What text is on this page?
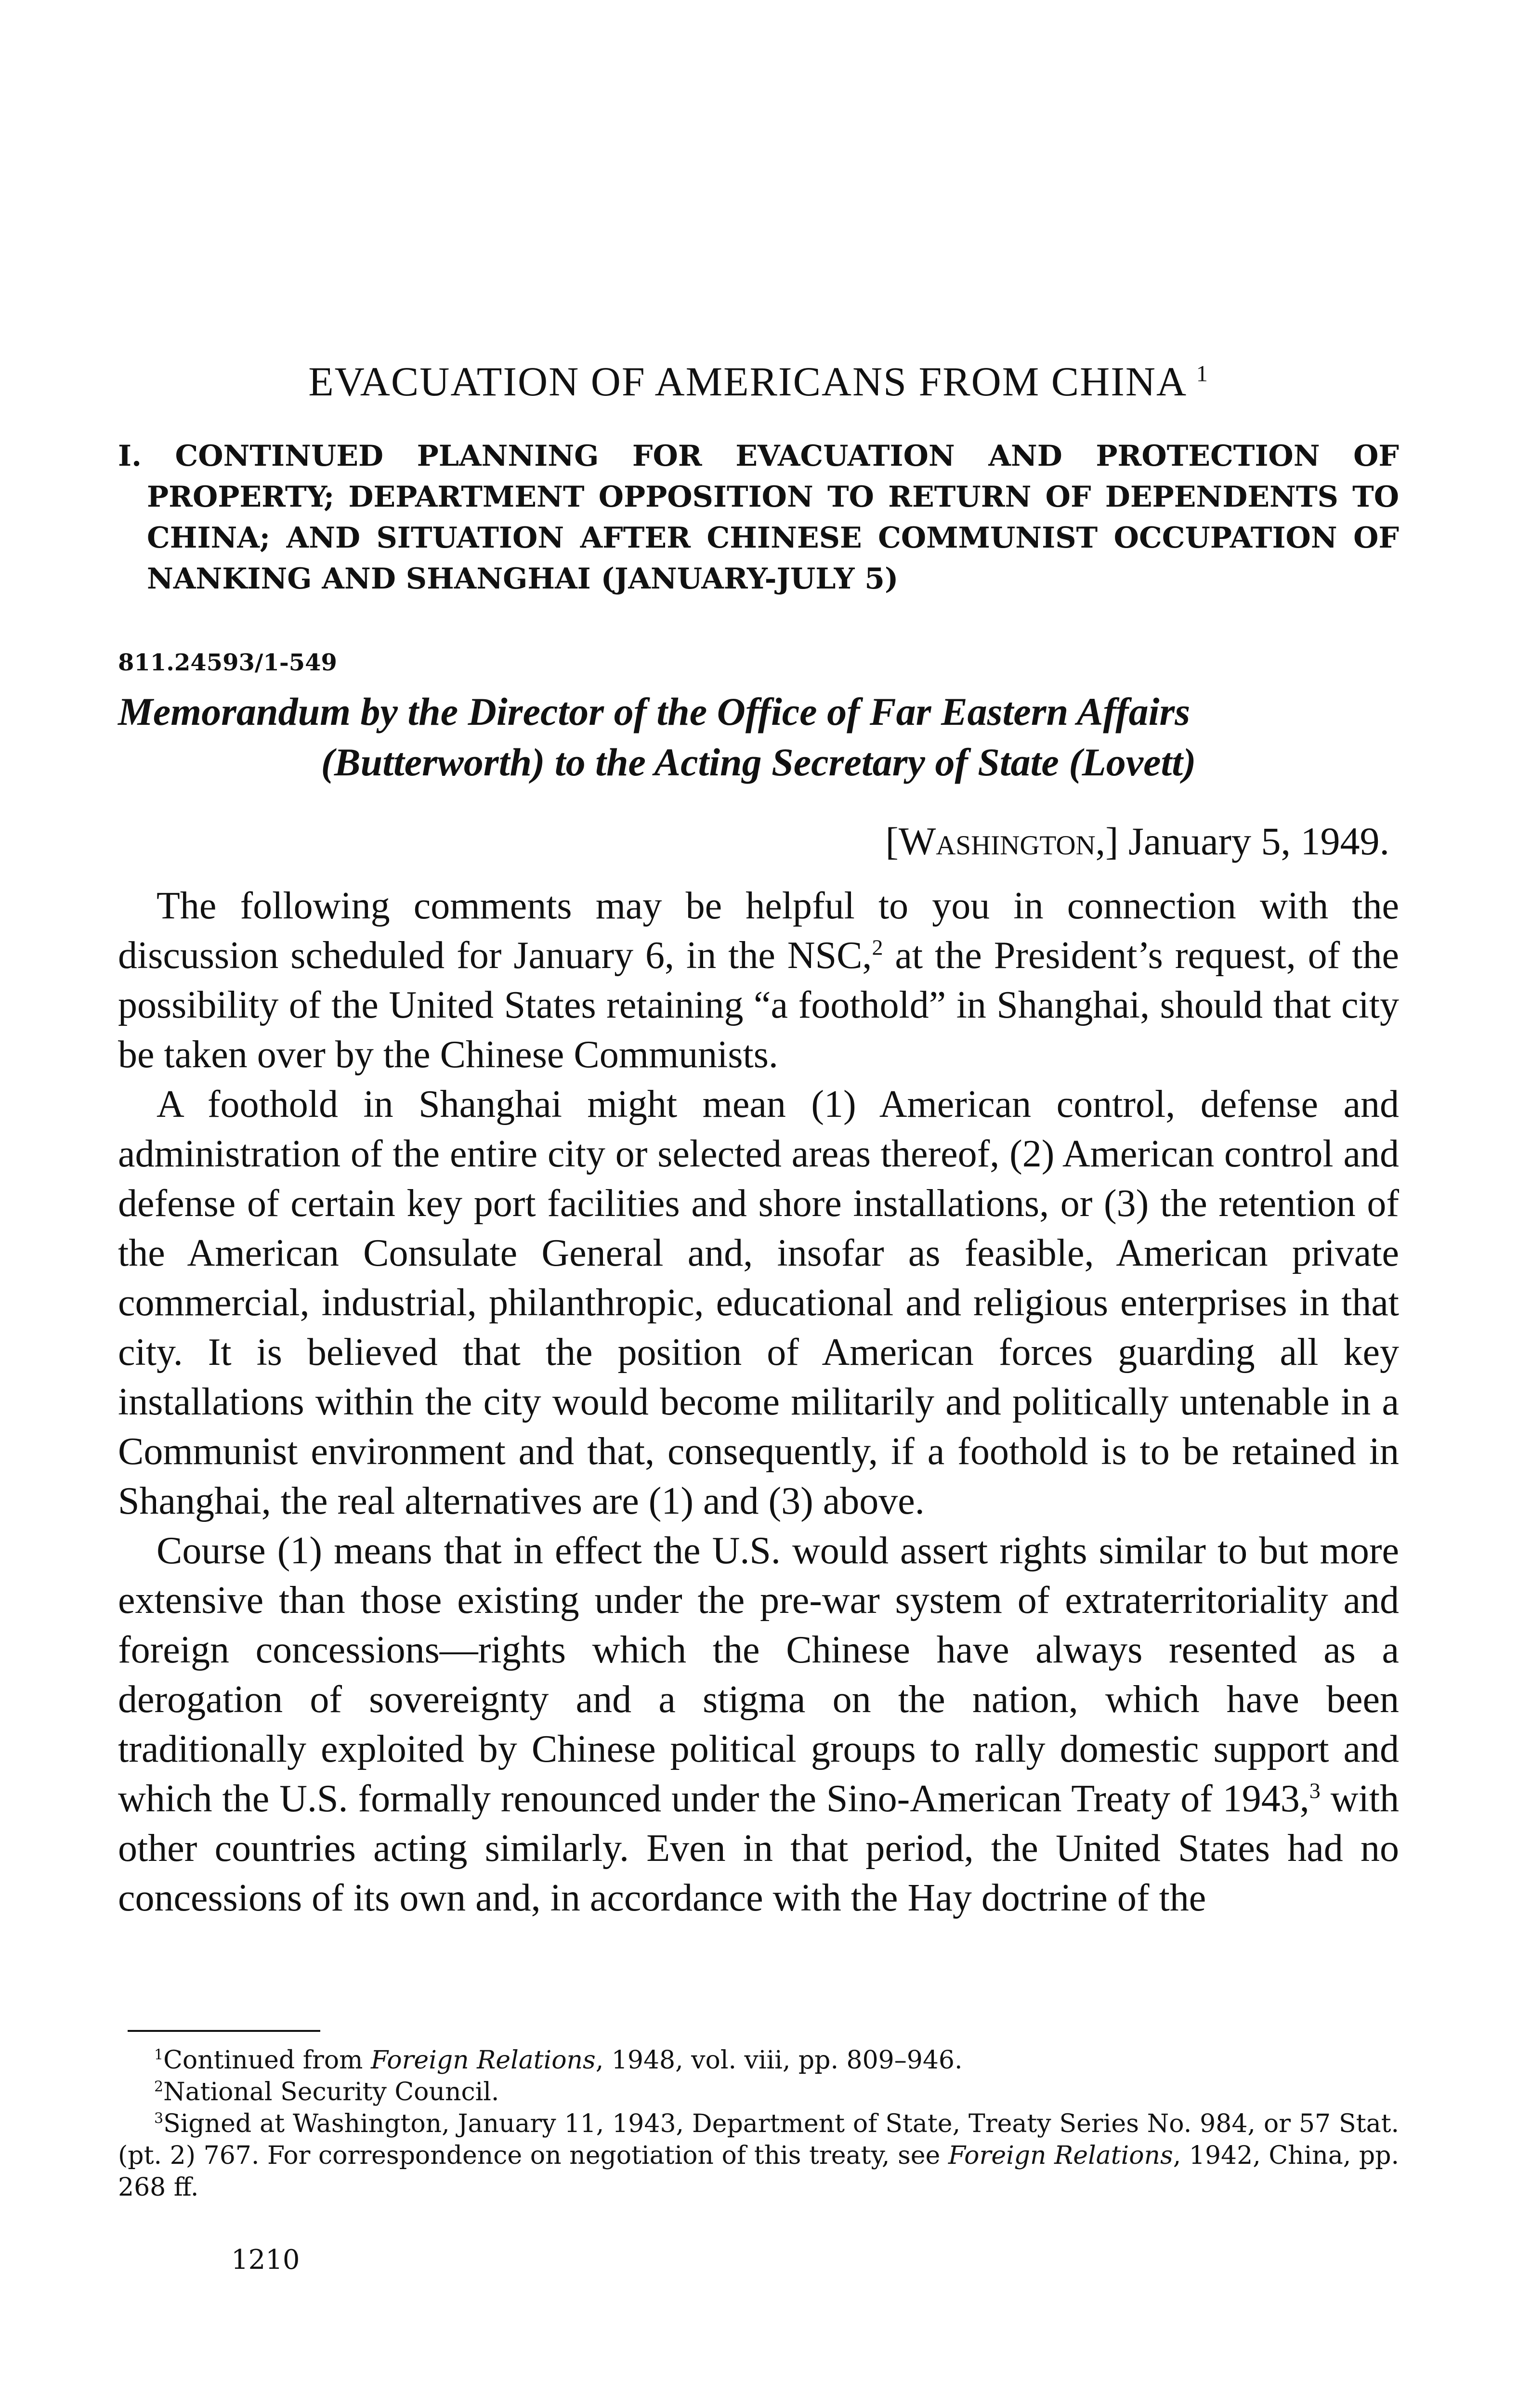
EVACUATION OF AMERICANS FROM CHINA $^1$
I. CONTINUED PLANNING FOR EVACUATION AND PROTECTION OF PROPERTY; DEPARTMENT OPPOSITION TO RETURN OF DEPENDENTS TO CHINA; AND SITUATION AFTER CHINESE COMMUNIST OCCUPATION OF NANKING AND SHANGHAI (JANUARY-JULY 5)

811.24593/1-549

Memorandum by the Director of the Office of Far Eastern Affairs
(Butterworth) to the Acting Secretary of State (Lovett)

[Washington,] January 5, 1949.

The following comments may be helpful to you in connection with the discussion scheduled for January 6, in the NSC,$^2$ at the President’s request, of the possibility of the United States retaining “a foothold” in Shanghai, should that city be taken over by the Chinese Communists.

A foothold in Shanghai might mean (1) American control, defense and administration of the entire city or selected areas thereof, (2) American control and defense of certain key port facilities and shore installations, or (3) the retention of the American Consulate General and, insofar as feasible, American private commercial, industrial, philanthropic, educational and religious enterprises in that city. It is believed that the position of American forces guarding all key installations within the city would become militarily and politically untenable in a Communist environment and that, consequently, if a foothold is to be retained in Shanghai, the real alternatives are (1) and (3) above.

Course (1) means that in effect the U.S. would assert rights similar to but more extensive than those existing under the pre-war system of extraterritoriality and foreign concessions—rights which the Chinese have always resented as a derogation of sovereignty and a stigma on the nation, which have been traditionally exploited by Chinese political groups to rally domestic support and which the U.S. formally renounced under the Sino-American Treaty of 1943,$^3$ with other countries acting similarly. Even in that period, the United States had no concessions of its own and, in accordance with the Hay doctrine of the

$^1$Continued from Foreign Relations, 1948, vol. viii, pp. 809–946.

$^2$National Security Council.

$^3$Signed at Washington, January 11, 1943, Department of State, Treaty Series No. 984, or 57 Stat. (pt. 2) 767. For correspondence on negotiation of this treaty, see Foreign Relations, 1942, China, pp. 268 ff.

1210
